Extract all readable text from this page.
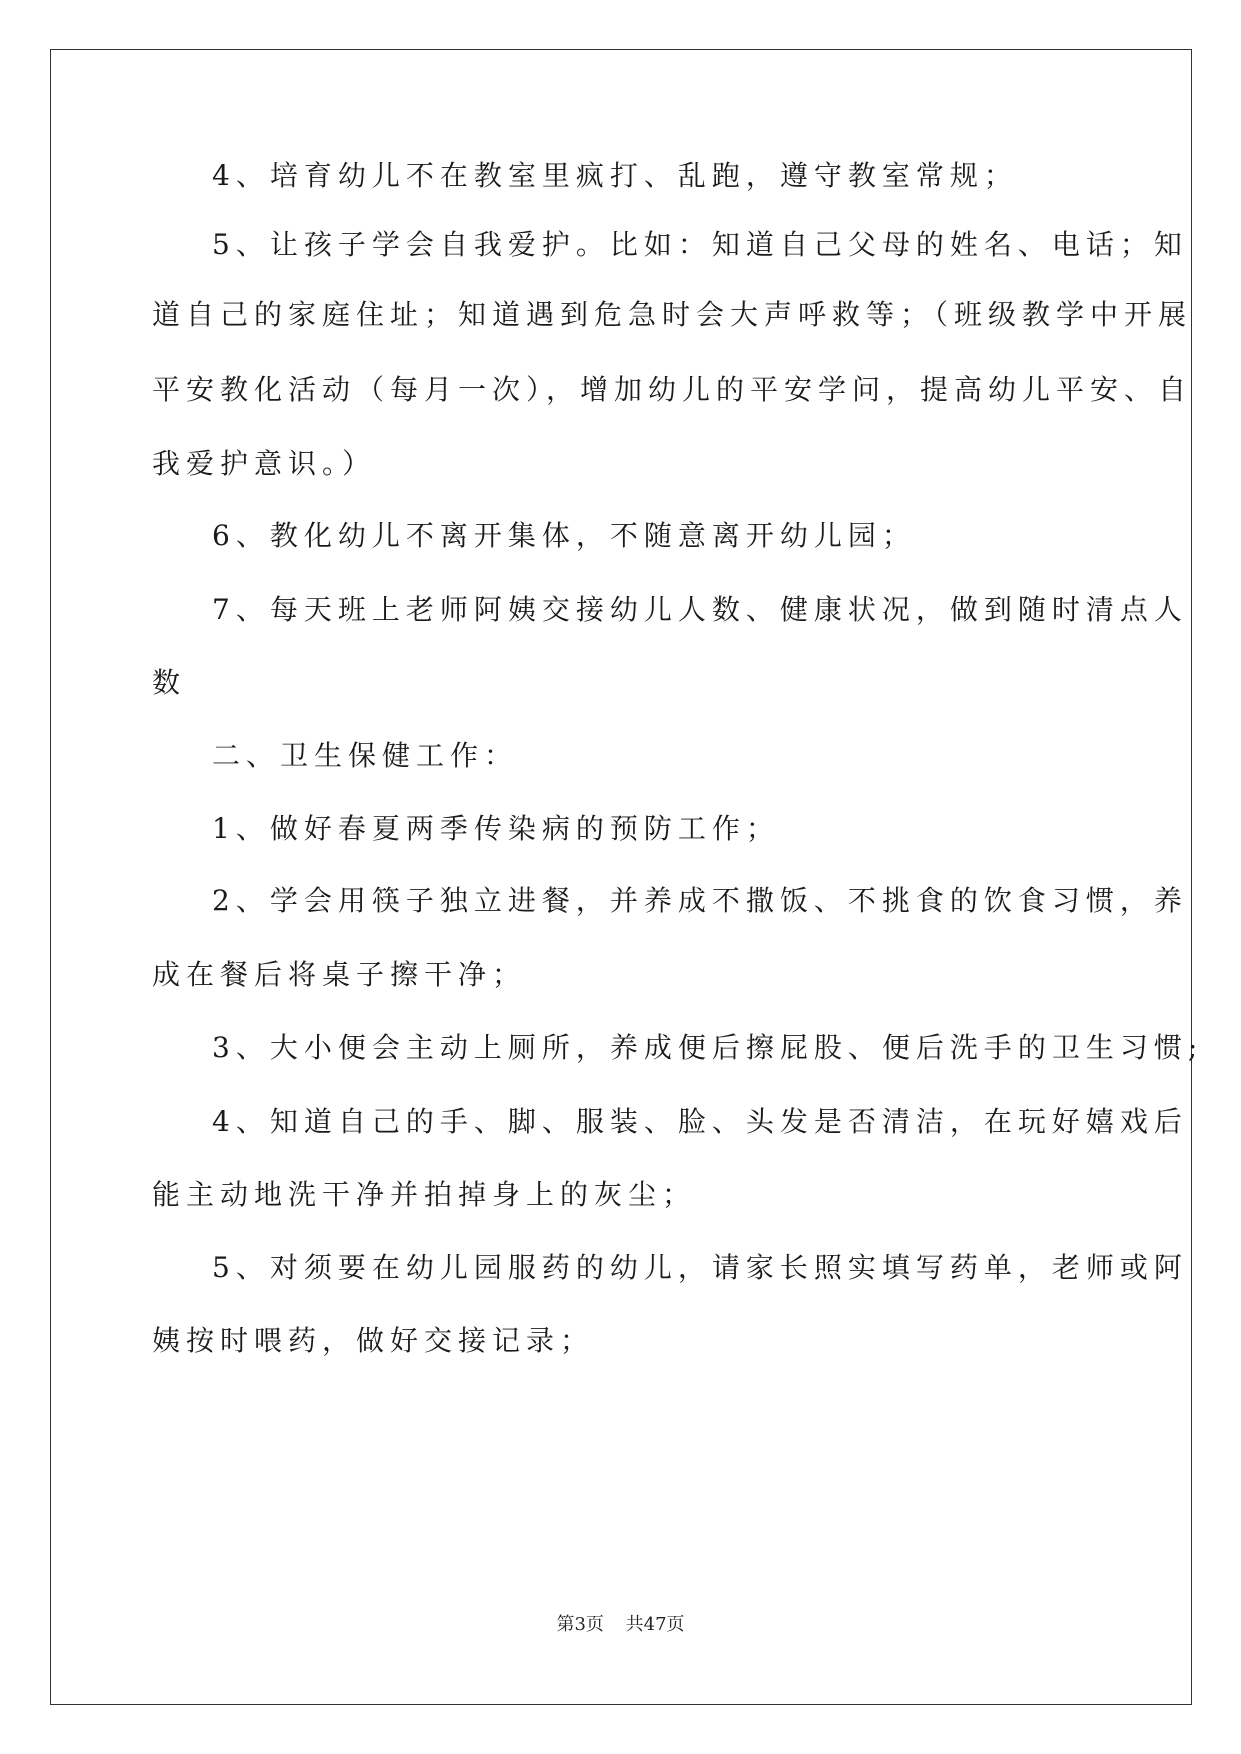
4、培育幼儿不在教室里疯打、乱跑，遵守教室常规；
5、让孩子学会自我爱护。比如：知道自己父母的姓名、电话；知
道自己的家庭住址；知道遇到危急时会大声呼救等；（班级教学中开展
平安教化活动（每月一次），增加幼儿的平安学问，提高幼儿平安、自
我爱护意识。）
6、教化幼儿不离开集体，不随意离开幼儿园；
7、每天班上老师阿姨交接幼儿人数、健康状况，做到随时清点人
数
二、卫生保健工作：
1、做好春夏两季传染病的预防工作；
2、学会用筷子独立进餐，并养成不撒饭、不挑食的饮食习惯，养
成在餐后将桌子擦干净；
3、大小便会主动上厕所，养成便后擦屁股、便后洗手的卫生习惯;
4、知道自己的手、脚、服装、脸、头发是否清洁，在玩好嬉戏后
能主动地洗干净并拍掉身上的灰尘；
5、对须要在幼儿园服药的幼儿，请家长照实填写药单，老师或阿
姨按时喂药，做好交接记录；
第3页 共47页
